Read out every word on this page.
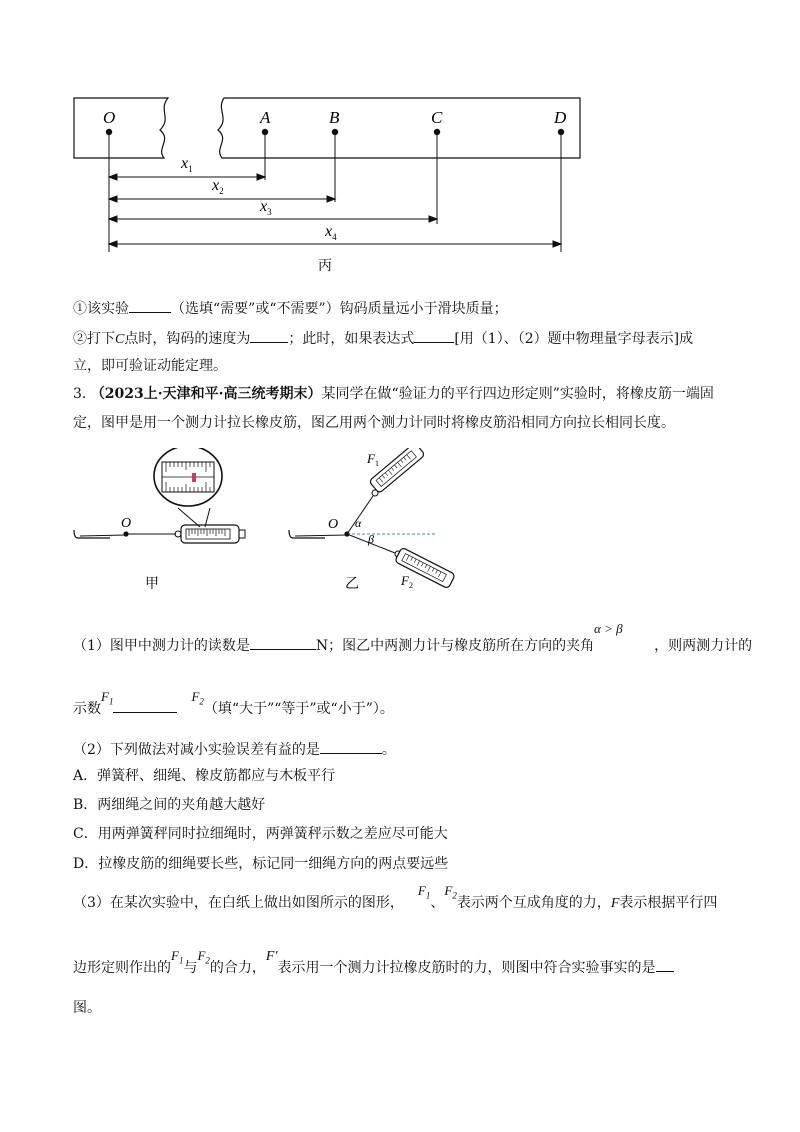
O	A	B	C	D
$x_1$
$x_2$
$x_3$
$x_4$
丙
①该实验	（选填“需要”或“不需要”）钩码质量远小于滑块质量；
②打下C点时，钩码的速度为	；此时，如果表达式	[用（1）、（2）题中物理量字母表示]成
立，即可验证动能定理。
3. （2023上·天津和平·高三统考期末）某同学在做“验证力的平行四边形定则”实验时，将橡皮筋一端固
定，图甲是用一个测力计拉长橡皮筋，图乙用两个测力计同时将橡皮筋沿相同方向拉长相同长度。
O
甲
O
$F_1$
$F_2$
α
β
乙
α > β
（1）图甲中测力计的读数是	N；图乙中两测力计与橡皮筋所在方向的夹角	，则两测力计的
示数$F_1$	$F_2$（填“大于”“等于”或“小于”）。
（2）下列做法对减小实验误差有益的是	。
A．弹簧秤、细绳、橡皮筋都应与木板平行
B．两细绳之间的夹角越大越好
C．用两弹簧秤同时拉细绳时，两弹簧秤示数之差应尽可能大
D．拉橡皮筋的细绳要长些，标记同一细绳方向的两点要远些
（3）在某次实验中，在白纸上做出如图所示的图形，$F_1$、$F_2$表示两个互成角度的力，F表示根据平行四
边形定则作出的$F_1$与$F_2$的合力，F′表示用一个测力计拉橡皮筋时的力，则图中符合实验事实的是
图。
